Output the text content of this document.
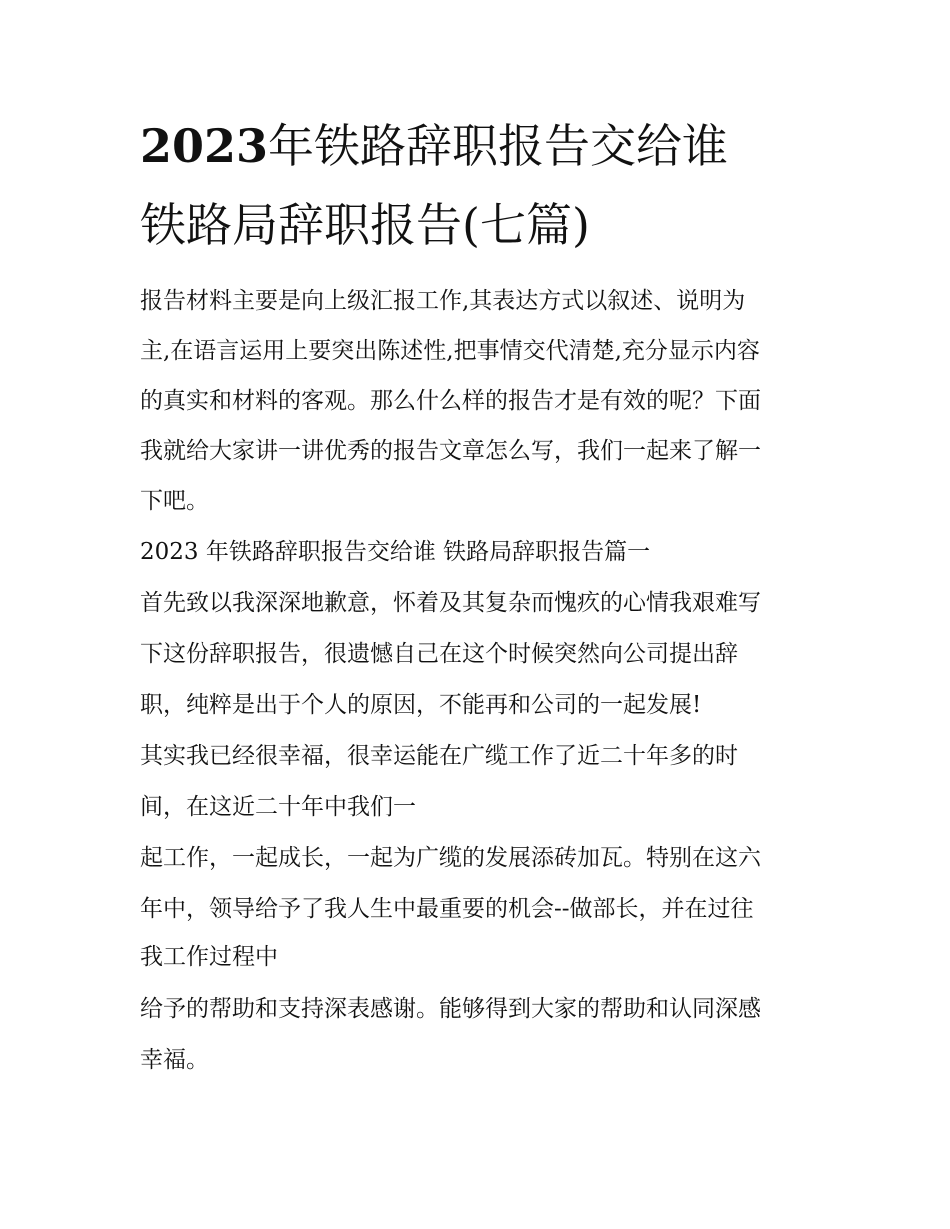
2023年铁路辞职报告交给谁
铁路局辞职报告(七篇)
报告材料主要是向上级汇报工作,其表达方式以叙述、说明为
主,在语言运用上要突出陈述性,把事情交代清楚,充分显示内容
的真实和材料的客观。那么什么样的报告才是有效的呢？下面
我就给大家讲一讲优秀的报告文章怎么写，我们一起来了解一
下吧。
2023 年铁路辞职报告交给谁 铁路局辞职报告篇一
首先致以我深深地歉意，怀着及其复杂而愧疚的心情我艰难写
下这份辞职报告，很遗憾自己在这个时候突然向公司提出辞
职，纯粹是出于个人的原因，不能再和公司的一起发展!
其实我已经很幸福，很幸运能在广缆工作了近二十年多的时
间，在这近二十年中我们一
起工作，一起成长，一起为广缆的发展添砖加瓦。特别在这六
年中，领导给予了我人生中最重要的机会--做部长，并在过往
我工作过程中
给予的帮助和支持深表感谢。能够得到大家的帮助和认同深感
幸福。
